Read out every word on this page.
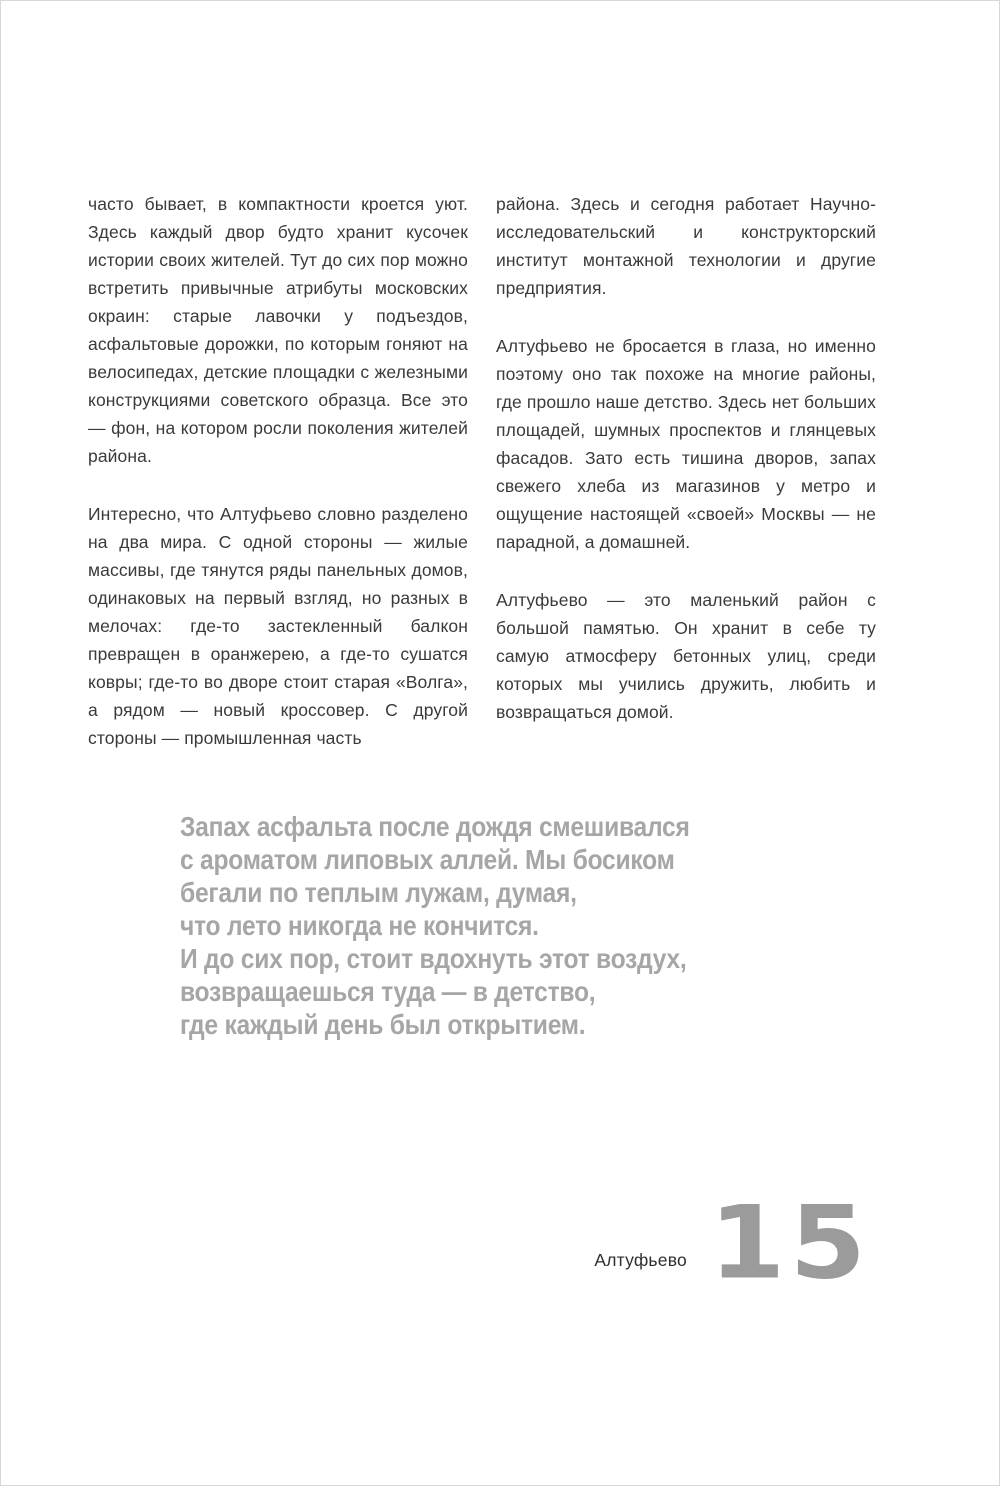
часто бывает, в компактности кроется уют. Здесь каждый двор будто хранит кусочек истории своих жителей. Тут до сих пор можно встретить привычные атрибуты московских окраин: старые лавочки у подъездов, асфальтовые дорожки, по которым гоняют на велосипедах, детские площадки с железными конструкциями советского образца. Все это — фон, на котором росли поколения жителей района.

Интересно, что Алтуфьево словно разделено на два мира. С одной стороны — жилые массивы, где тянутся ряды панельных домов, одинаковых на первый взгляд, но разных в мелочах: где-то застекленный балкон превращен в оранжерею, а где-то сушатся ковры; где-то во дворе стоит старая «Волга», а рядом — новый кроссовер. С другой стороны — промышленная часть

района. Здесь и сегодня работает Научно-исследовательский и конструкторский институт монтажной технологии и другие предприятия.

Алтуфьево не бросается в глаза, но именно поэтому оно так похоже на многие районы, где прошло наше детство. Здесь нет больших площадей, шумных проспектов и глянцевых фасадов. Зато есть тишина дворов, запах свежего хлеба из магазинов у метро и ощущение настоящей «своей» Москвы — не парадной, а домашней.

Алтуфьево — это маленький район с большой памятью. Он хранит в себе ту самую атмосферу бетонных улиц, среди которых мы учились дружить, любить и возвращаться домой.

Запах асфальта после дождя смешивался
с ароматом липовых аллей. Мы босиком
бегали по теплым лужам, думая,
что лето никогда не кончится.
И до сих пор, стоит вдохнуть этот воздух,
возвращаешься туда — в детство,
где каждый день был открытием.
Алтуфьево 15
